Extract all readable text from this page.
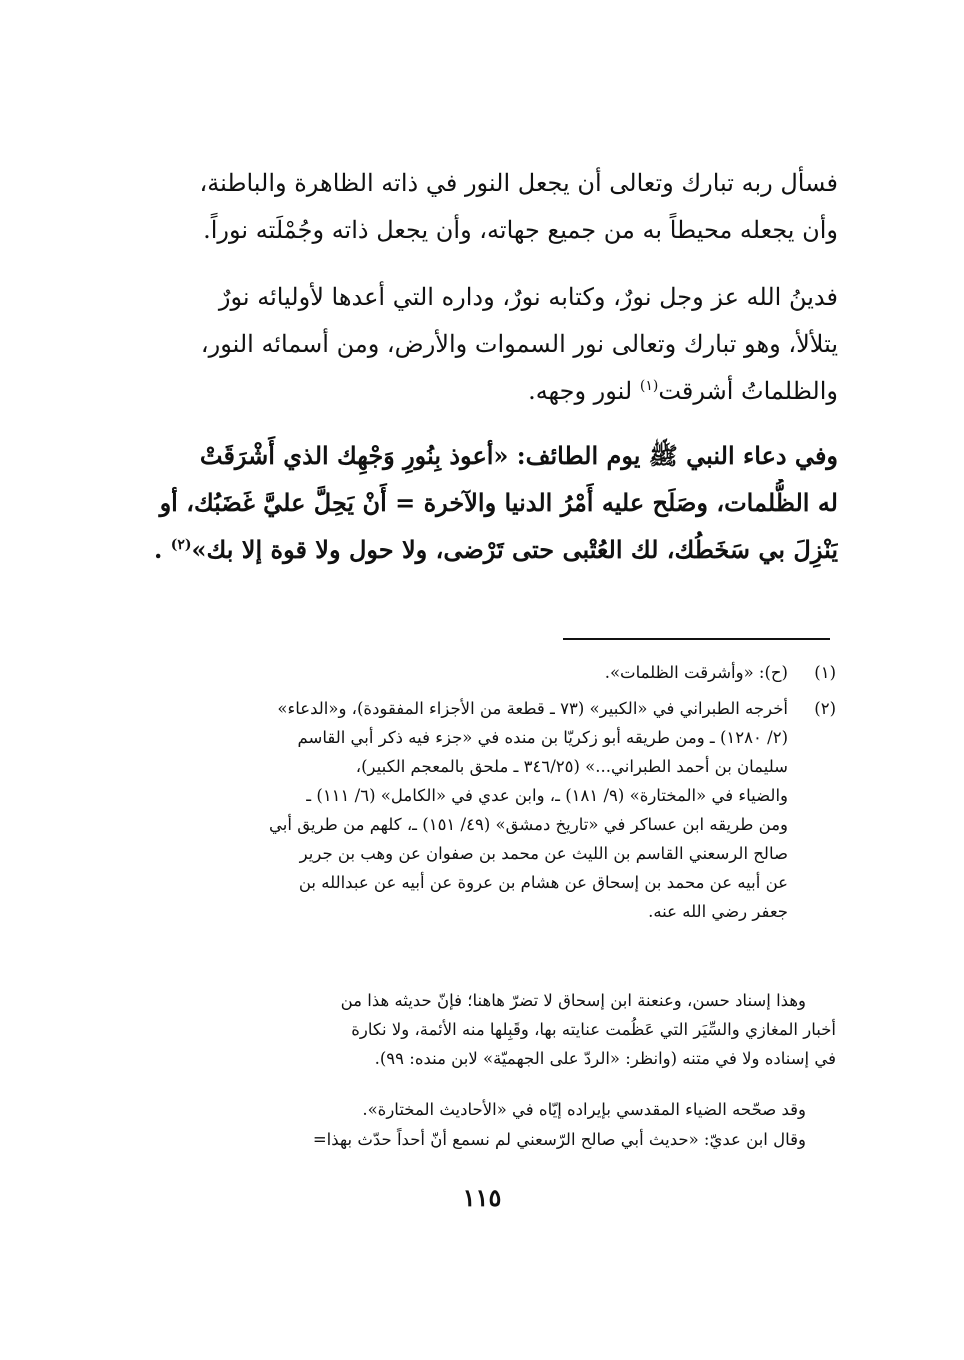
فسأل ربه تبارك وتعالى أن يجعل النور في ذاته الظاهرة والباطنة،
وأن يجعله محيطاً به من جميع جهاته، وأن يجعل ذاته وجُمْلَته نوراً.
فدينُ الله عز وجل نورٌ، وكتابه نورٌ، وداره التي أعدها لأوليائه نورٌ
يتلألأ، وهو تبارك وتعالى نور السموات والأرض، ومن أسمائه النور،
والظلماتُ أشرقت$^{(١)}$ لنور وجهه.
وفي دعاء النبي ﷺ يوم الطائف: «أعوذ بِنُورِ وَجْهِك الذي أَشْرَقَتْ
له الظُّلمات، وصَلَح عليه أَمْرُ الدنيا والآخرة = أَنْ يَحِلَّ عليَّ غَضَبُك، أو
يَنْزِلَ بي سَخَطُك، لك العُتْبى حتى تَرْضى، ولا حول ولا قوة إلا بك»$^{(٢)}$ .
(١)
(ح): «وأشرقت الظلمات».
(٢)
أخرجه الطبراني في «الكبير» (٧٣ ـ قطعة من الأجزاء المفقودة)، و«الدعاء»
(٢/ ١٢٨٠) ـ ومن طريقه أبو زكريّا بن منده في «جزء فيه ذكر أبي القاسم
سليمان بن أحمد الطبراني...» (٣٤٦/٢٥ ـ ملحق بالمعجم الكبير)،
والضياء في «المختارة» (٩/ ١٨١) ـ، وابن عدي في «الكامل» (٦/ ١١١) ـ
ومن طريقه ابن عساكر في «تاريخ دمشق» (٤٩/ ١٥١) ـ، كلهم من طريق أبي
صالح الرسعني القاسم بن الليث عن محمد بن صفوان عن وهب بن جرير
عن أبيه عن محمد بن إسحاق عن هشام بن عروة عن أبيه عن عبدالله بن
جعفر رضي الله عنه.
وهذا إسناد حسن، وعنعنة ابن إسحاق لا تضرّ هاهنا؛ فإنّ حديثه هذا من
أخبار المغازي والسِّيَر التي عَظُمت عنايته بها، وقَبِلها منه الأئمة، ولا نكارة
في إسناده ولا في متنه (وانظر: «الردّ على الجهميّة» لابن منده: ٩٩).
وقد صحّحه الضياء المقدسي بإيراده إيّاه في «الأحاديث المختارة».
وقال ابن عديّ: «حديث أبي صالح الرّسعني لم نسمع أنّ أحداً حدّث بهذا=
١١٥
